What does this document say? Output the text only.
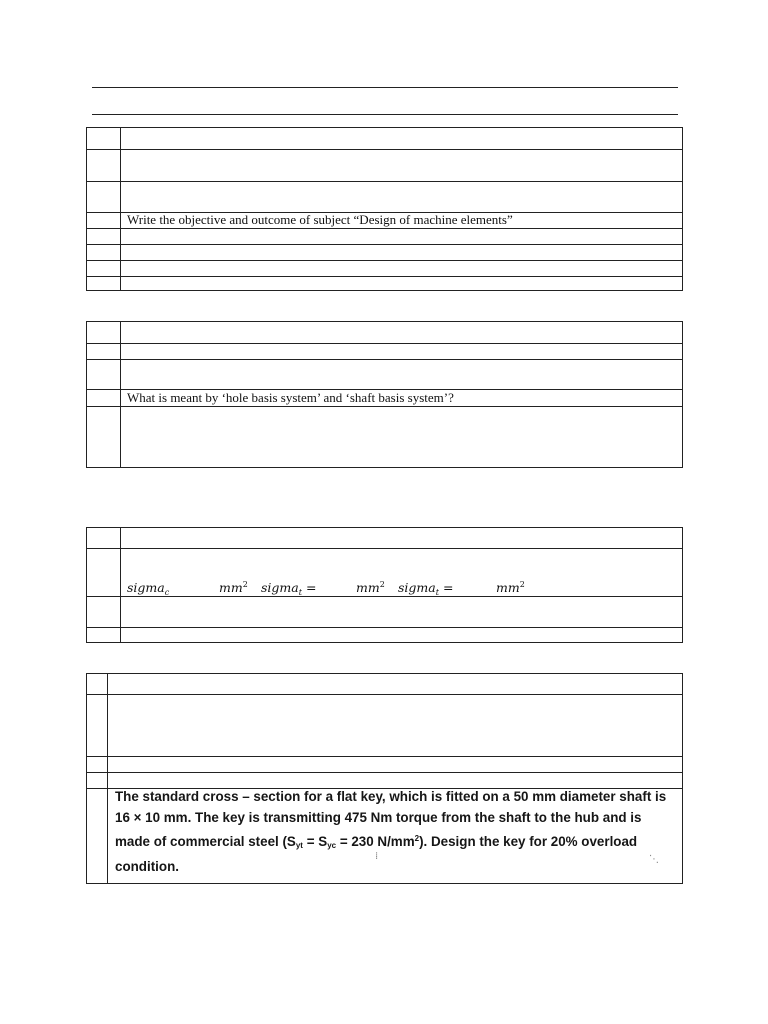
Write the objective and outcome of subject “Design of machine elements”
What is meant by ‘hole basis system’ and ‘shaft basis system’?
sigma$_c$	$mm^2$ sigma$_t$ =	$mm^2$ sigma$_t$ =	$mm^2$
The standard cross – section for a flat key, which is fitted on a 50 mm diameter shaft is
16 × 10 mm. The key is transmitting 475 Nm torque from the shaft to the hub and is
made of commercial steel ($S_{yt} = S_{yc} = 230$ $N/mm^2$). Design the key for 20% overload
condition.
⁞	⋱
